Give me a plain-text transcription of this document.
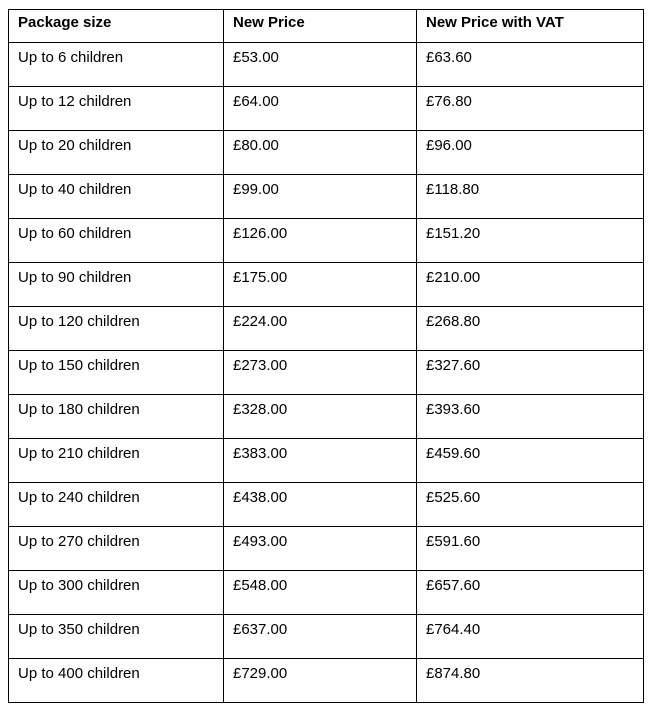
Package size	New Price	New Price with VAT
Up to 6 children	£53.00	£63.60
Up to 12 children	£64.00	£76.80
Up to 20 children	£80.00	£96.00
Up to 40 children	£99.00	£118.80
Up to 60 children	£126.00	£151.20
Up to 90 children	£175.00	£210.00
Up to 120 children	£224.00	£268.80
Up to 150 children	£273.00	£327.60
Up to 180 children	£328.00	£393.60
Up to 210 children	£383.00	£459.60
Up to 240 children	£438.00	£525.60
Up to 270 children	£493.00	£591.60
Up to 300 children	£548.00	£657.60
Up to 350 children	£637.00	£764.40
Up to 400 children	£729.00	£874.80
